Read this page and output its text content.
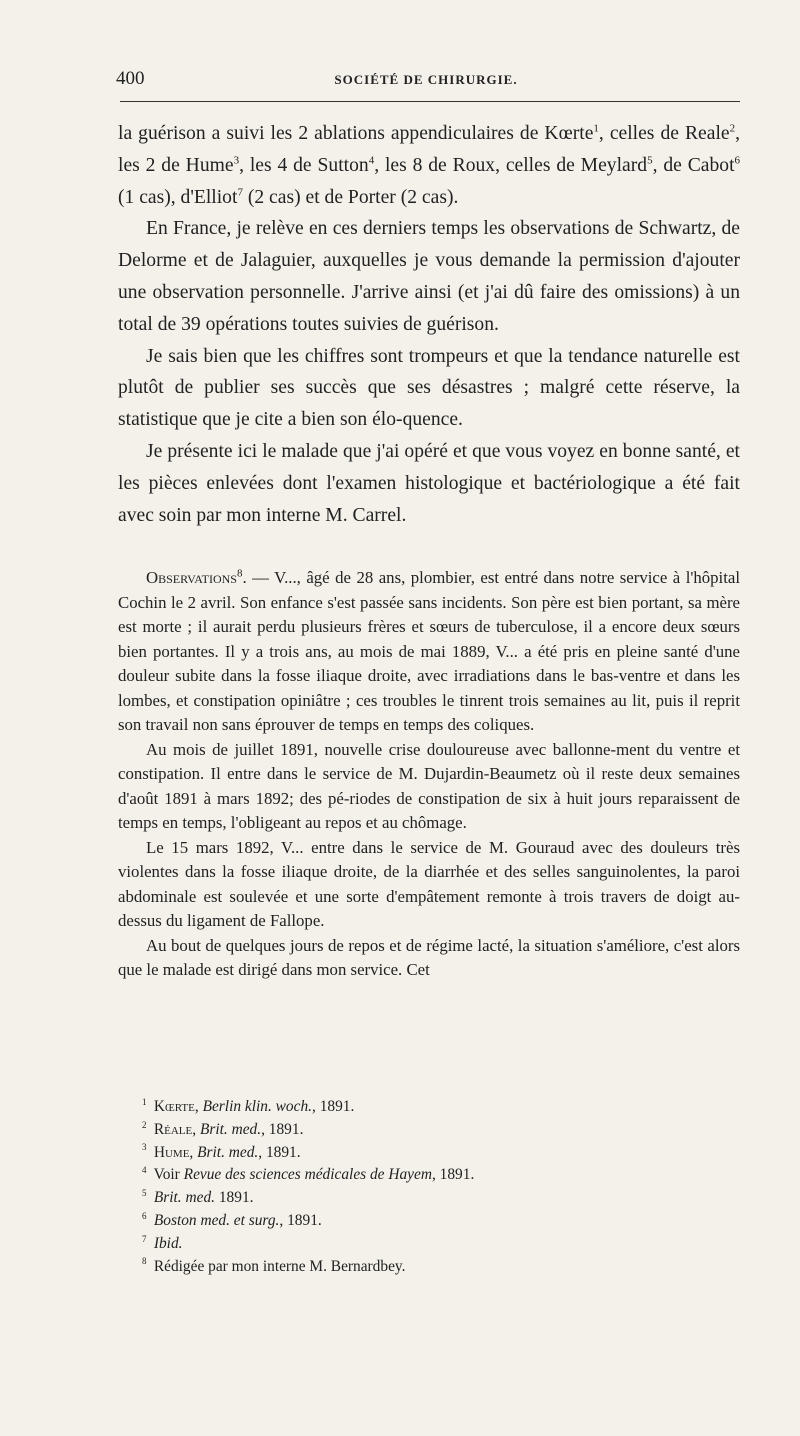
400	SOCIÉTÉ DE CHIRURGIE.

la guérison a suivi les 2 ablations appendiculaires de Kœrte$^1$, celles de Reale$^2$, les 2 de Hume$^3$, les 4 de Sutton$^4$, les 8 de Roux, celles de Meylard$^5$, de Cabot$^6$ (1 cas), d'Elliot$^7$ (2 cas) et de Porter (2 cas).

En France, je relève en ces derniers temps les observations de Schwartz, de Delorme et de Jalaguier, auxquelles je vous demande la permission d'ajouter une observation personnelle. J'arrive ainsi (et j'ai dû faire des omissions) à un total de 39 opérations toutes suivies de guérison.

Je sais bien que les chiffres sont trompeurs et que la tendance naturelle est plutôt de publier ses succès que ses désastres ; malgré cette réserve, la statistique que je cite a bien son élo-quence.

Je présente ici le malade que j'ai opéré et que vous voyez en bonne santé, et les pièces enlevées dont l'examen histologique et bactériologique a été fait avec soin par mon interne M. Carrel.

Observations$^8$. — V..., âgé de 28 ans, plombier, est entré dans notre service à l'hôpital Cochin le 2 avril. Son enfance s'est passée sans incidents. Son père est bien portant, sa mère est morte ; il aurait perdu plusieurs frères et sœurs de tuberculose, il a encore deux sœurs bien portantes. Il y a trois ans, au mois de mai 1889, V... a été pris en pleine santé d'une douleur subite dans la fosse iliaque droite, avec irradiations dans le bas-ventre et dans les lombes, et constipation opiniâtre ; ces troubles le tinrent trois semaines au lit, puis il reprit son travail non sans éprouver de temps en temps des coliques.

Au mois de juillet 1891, nouvelle crise douloureuse avec ballonne-ment du ventre et constipation. Il entre dans le service de M. Dujardin-Beaumetz où il reste deux semaines d'août 1891 à mars 1892; des pé-riodes de constipation de six à huit jours reparaissent de temps en temps, l'obligeant au repos et au chômage.

Le 15 mars 1892, V... entre dans le service de M. Gouraud avec des douleurs très violentes dans la fosse iliaque droite, de la diarrhée et des selles sanguinolentes, la paroi abdominale est soulevée et une sorte d'empâtement remonte à trois travers de doigt au-dessus du ligament de Fallope.

Au bout de quelques jours de repos et de régime lacté, la situation s'améliore, c'est alors que le malade est dirigé dans mon service. Cet

$^1$ Kœrte, Berlin klin. woch., 1891.
$^2$ Réale, Brit. med., 1891.
$^3$ Hume, Brit. med., 1891.
$^4$ Voir Revue des sciences médicales de Hayem, 1891.
$^5$ Brit. med. 1891.
$^6$ Boston med. et surg., 1891.
$^7$ Ibid.
$^8$ Rédigée par mon interne M. Bernardbey.
